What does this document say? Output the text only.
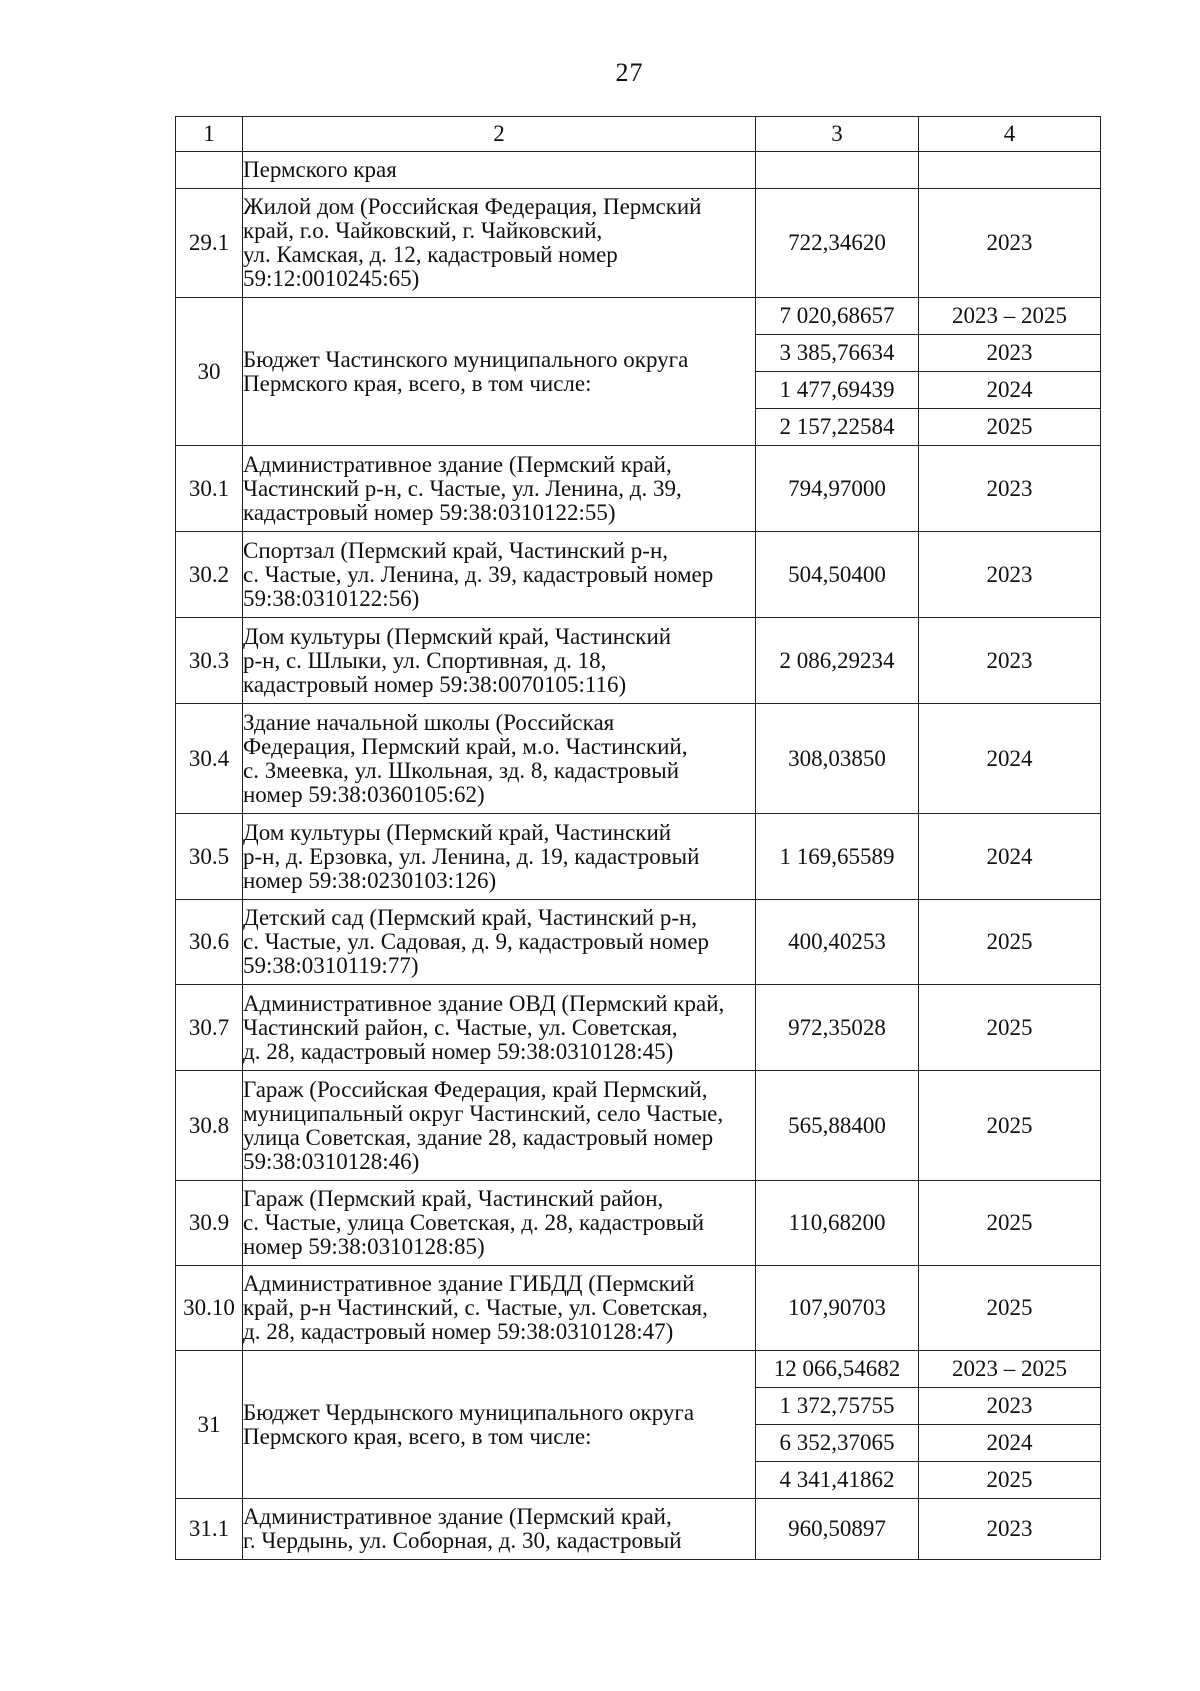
27
1	2	3	4

	Пермского края		

29.1	Жилой дом (Российская Федерация, Пермский
край, г.о. Чайковский, г. Чайковский,
ул. Камская, д. 12, кадастровый номер
59:12:0010245:65)	722,34620	2023
30	Бюджет Частинского муниципального округа
Пермского края, всего, в том числе:	7 020,68657	2023 – 2025
		3 385,76634	2023
		1 477,69439	2024
		2 157,22584	2025
30.1	Административное здание (Пермский край,
Частинский р-н, с. Частые, ул. Ленина, д. 39,
кадастровый номер 59:38:0310122:55)	794,97000	2023
30.2	Спортзал (Пермский край, Частинский р-н,
с. Частые, ул. Ленина, д. 39, кадастровый номер
59:38:0310122:56)	504,50400	2023
30.3	Дом культуры (Пермский край, Частинский
р-н, с. Шлыки, ул. Спортивная, д. 18,
кадастровый номер 59:38:0070105:116)	2 086,29234	2023
30.4	Здание начальной школы (Российская
Федерация, Пермский край, м.о. Частинский,
с. Змеевка, ул. Школьная, зд. 8, кадастровый
номер 59:38:0360105:62)	308,03850	2024
30.5	Дом культуры (Пермский край, Частинский
р-н, д. Ерзовка, ул. Ленина, д. 19, кадастровый
номер 59:38:0230103:126)	1 169,65589	2024
30.6	Детский сад (Пермский край, Частинский р-н,
с. Частые, ул. Садовая, д. 9, кадастровый номер
59:38:0310119:77)	400,40253	2025
30.7	Административное здание ОВД (Пермский край,
Частинский район, с. Частые, ул. Советская,
д. 28, кадастровый номер 59:38:0310128:45)	972,35028	2025
30.8	Гараж (Российская Федерация, край Пермский,
муниципальный округ Частинский, село Частые,
улица Советская, здание 28, кадастровый номер
59:38:0310128:46)	565,88400	2025
30.9	Гараж (Пермский край, Частинский район,
с. Частые, улица Советская, д. 28, кадастровый
номер 59:38:0310128:85)	110,68200	2025
30.10	Административное здание ГИБДД (Пермский
край, р-н Частинский, с. Частые, ул. Советская,
д. 28, кадастровый номер 59:38:0310128:47)	107,90703	2025
31	Бюджет Чердынского муниципального округа
Пермского края, всего, в том числе:	12 066,54682	2023 – 2025
		1 372,75755	2023
		6 352,37065	2024
		4 341,41862	2025
31.1	Административное здание (Пермский край,
г. Чердынь, ул. Соборная, д. 30, кадастровый	960,50897	2023
